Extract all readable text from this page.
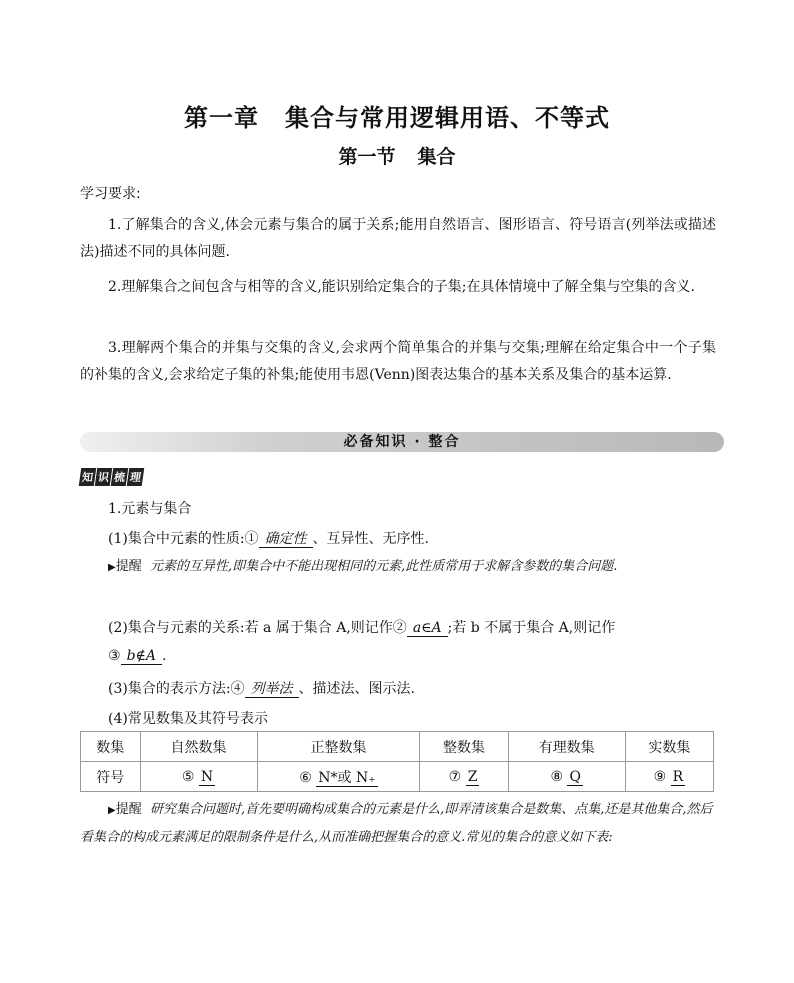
第一章 集合与常用逻辑用语、不等式
第一节 集合
学习要求:
1.了解集合的含义,体会元素与集合的属于关系;能用自然语言、图形语言、符号语言(列举法或描述法)描述不同的具体问题.
2.理解集合之间包含与相等的含义,能识别给定集合的子集;在具体情境中了解全集与空集的含义.
3.理解两个集合的并集与交集的含义,会求两个简单集合的并集与交集;理解在给定集合中一个子集的补集的含义,会求给定子集的补集;能使用韦恩(Venn)图表达集合的基本关系及集合的基本运算.
必备知识 · 整合
知 识 梳 理
1.元素与集合
(1)集合中元素的性质:① 确定性 、互异性、无序性.
▶提醒 元素的互异性,即集合中不能出现相同的元素,此性质常用于求解含参数的集合问题.
(2)集合与元素的关系:若 a 属于集合 A,则记作② a∈A ;若 b 不属于集合 A,则记作
③ b∉A .
(3)集合的表示方法:④ 列举法 、描述法、图示法.
(4)常见数集及其符号表示
数集	自然数集	正整数集	整数集	有理数集	实数集
符号	⑤ N	⑥ N*或 N₊	⑦ Z	⑧ Q	⑨ R
▶提醒 研究集合问题时,首先要明确构成集合的元素是什么,即弄清该集合是数集、点集,还是其他集合,然后看集合的构成元素满足的限制条件是什么,从而准确把握集合的意义.常见的集合的意义如下表:
